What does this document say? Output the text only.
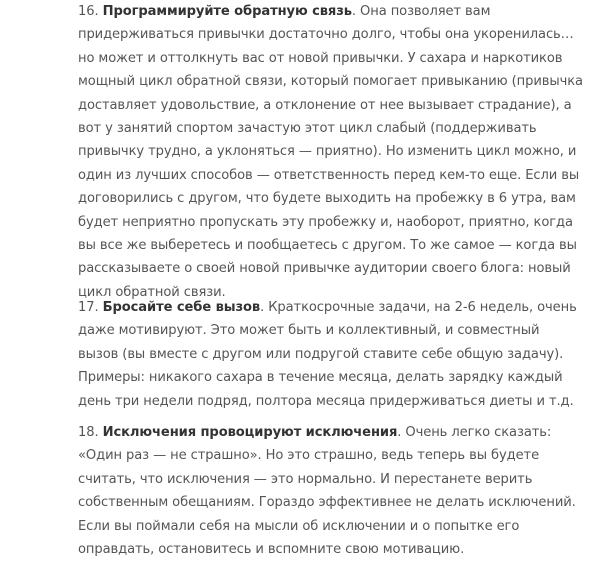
16. Программируйте обратную связь. Она позволяет вам придерживаться привычки достаточно долго, чтобы она укоренилась… но может и оттолкнуть вас от новой привычки. У сахара и наркотиков мощный цикл обратной связи, который помогает привыканию (привычка доставляет удовольствие, а отклонение от нее вызывает страдание), а вот у занятий спортом зачастую этот цикл слабый (поддерживать привычку трудно, а уклоняться — приятно). Но изменить цикл можно, и один из лучших способов — ответственность перед кем-то еще. Если вы договорились с другом, что будете выходить на пробежку в 6 утра, вам будет неприятно пропускать эту пробежку и, наоборот, приятно, когда вы все же выберетесь и пообщаетесь с другом. То же самое — когда вы рассказываете о своей новой привычке аудитории своего блога: новый цикл обратной связи.

17. Бросайте себе вызов. Краткосрочные задачи, на 2-6 недель, очень даже мотивируют. Это может быть и коллективный, и совместный вызов (вы вместе с другом или подругой ставите себе общую задачу). Примеры: никакого сахара в течение месяца, делать зарядку каждый день три недели подряд, полтора месяца придерживаться диеты и т.д.

18. Исключения провоцируют исключения. Очень легко сказать: «Один раз — не страшно». Но это страшно, ведь теперь вы будете считать, что исключения — это нормально. И перестанете верить собственным обещаниям. Гораздо эффективнее не делать исключений. Если вы поймали себя на мысли об исключении и о попытке его оправдать, остановитесь и вспомните свою мотивацию.
